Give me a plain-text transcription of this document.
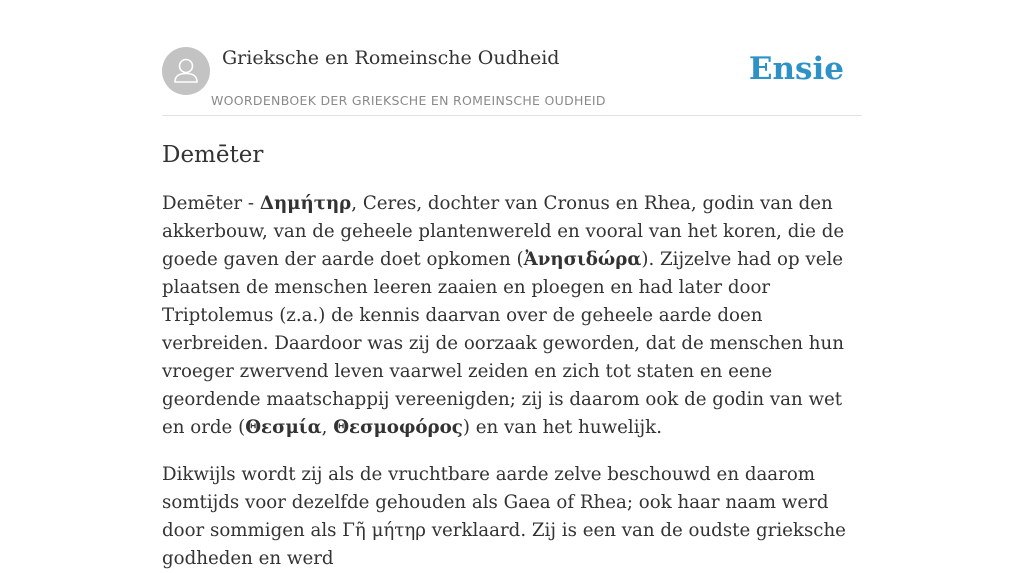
Grieksche en Romeinsche Oudheid
WOORDENBOEK DER GRIEKSCHE EN ROMEINSCHE OUDHEID
Ensie
Demēter

Demēter - Δημήτηρ, Ceres, dochter van Cronus en Rhea, godin van den akkerbouw, van de geheele plantenwereld en vooral van het koren, die de goede gaven der aarde doet opkomen (Ἀνησιδώρα). Zijzelve had op vele plaatsen de menschen leeren zaaien en ploegen en had later door Triptolemus (z.a.) de kennis daarvan over de geheele aarde doen verbreiden. Daardoor was zij de oorzaak geworden, dat de menschen hun vroeger zwervend leven vaarwel zeiden en zich tot staten en eene geordende maatschappij vereenigden; zij is daarom ook de godin van wet en orde (Θεσμία, Θεσμοφόρος) en van het huwelijk.

Dikwijls wordt zij als de vruchtbare aarde zelve beschouwd en daarom somtijds voor dezelfde gehouden als Gaea of Rhea; ook haar naam werd door sommigen als Γῆ μήτηρ verklaard. Zij is een van de oudste grieksche godheden en werd
